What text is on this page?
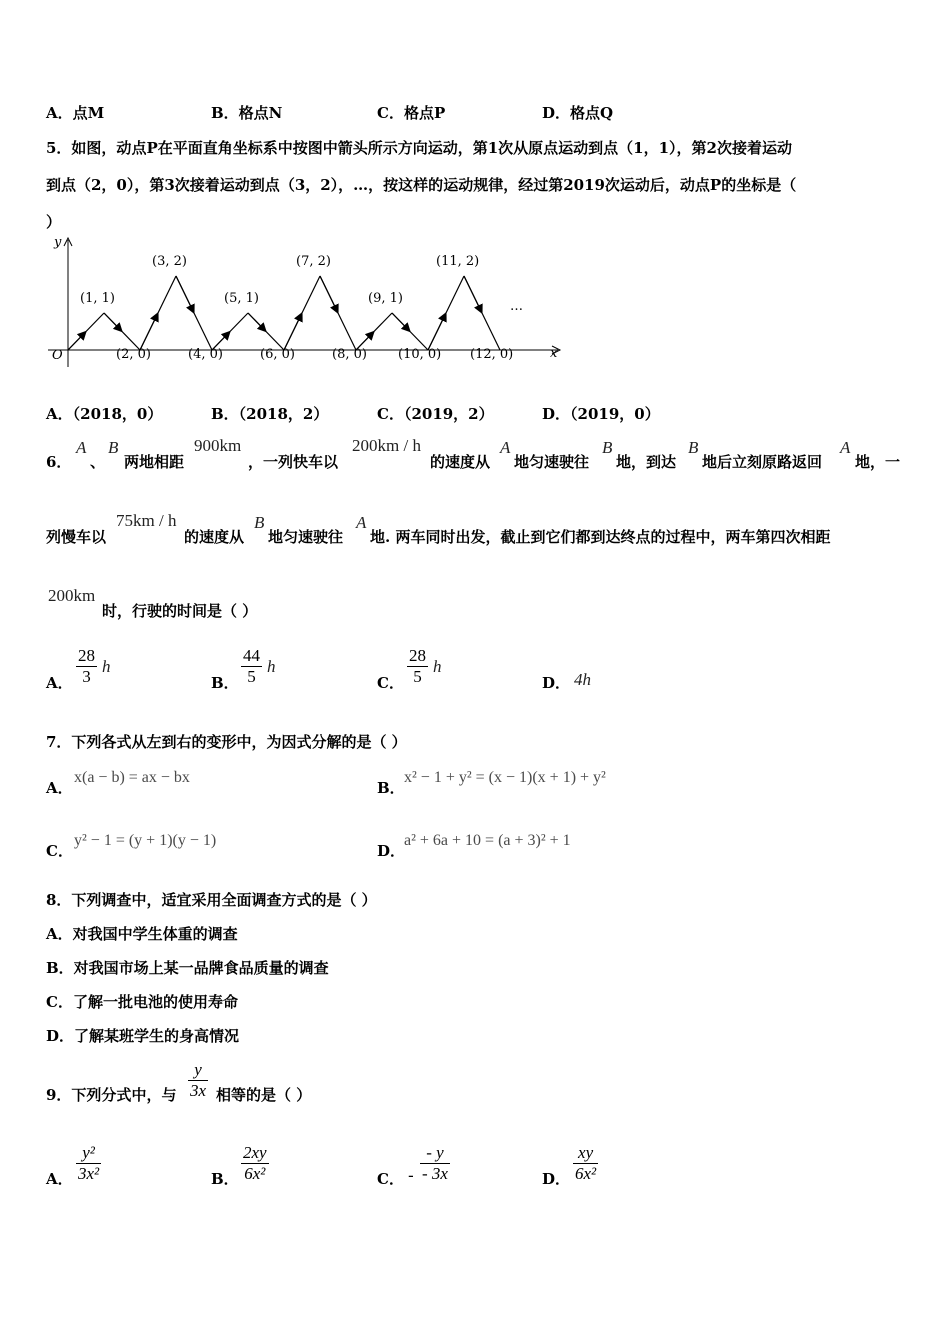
A．点M	B．格点N	C．格点P	D．格点Q
5．如图，动点P在平面直角坐标系中按图中箭头所示方向运动，第1次从原点运动到点（1，1），第2次接着运动
到点（2，0），第3次接着运动到点（3，2），…，按这样的运动规律，经过第2019次运动后，动点P的坐标是（
）
y
x
O
(1, 1)
(3, 2)
(5, 1)
(7, 2)
(9, 1)
(11, 2)
(2, 0)	(4, 0)	(6, 0)	(8, 0) (10, 0) (12, 0)
…
A．（2018，0）	B．（2018，2）	C．（2019，2）	D．（2019，0）
6．
A
、
B
两地相距
900km
，一列快车以
200km / h
的速度从
A
地匀速驶往
B
地，到达
B
地后立刻原路返回
A
地，一
列慢车以
75km / h
的速度从
B
地匀速驶往
A
地. 两车同时出发，截止到它们都到达终点的过程中，两车第四次相距
200km
时，行驶的时间是（ ）
A． $\frac{28}{3}$ h
B． $\frac{44}{5}$ h
C． $\frac{28}{5}$ h
D． 4h
7．下列各式从左到右的变形中，为因式分解的是（ ）
A．
x(a − b) = ax − bx
B．
x² − 1 + y² = (x − 1)(x + 1) + y²
C．
y² − 1 = (y + 1)(y − 1)
D．
a² + 6a + 10 = (a + 3)² + 1
8．下列调查中，适宜采用全面调查方式的是（ ）
A．对我国中学生体重的调查
B．对我国市场上某一品牌食品质量的调查
C．了解一批电池的使用寿命
D．了解某班学生的身高情况
9．下列分式中，与 $\frac{y}{3x}$ 相等的是（ ）
A． $\frac{\text{y²}}{\text{3x²}}$	B． $\frac{2xy}{\text{6x²}}$	C． - $\frac{- y}{- 3x}$	D． $\frac{xy}{\text{6x²}}$
